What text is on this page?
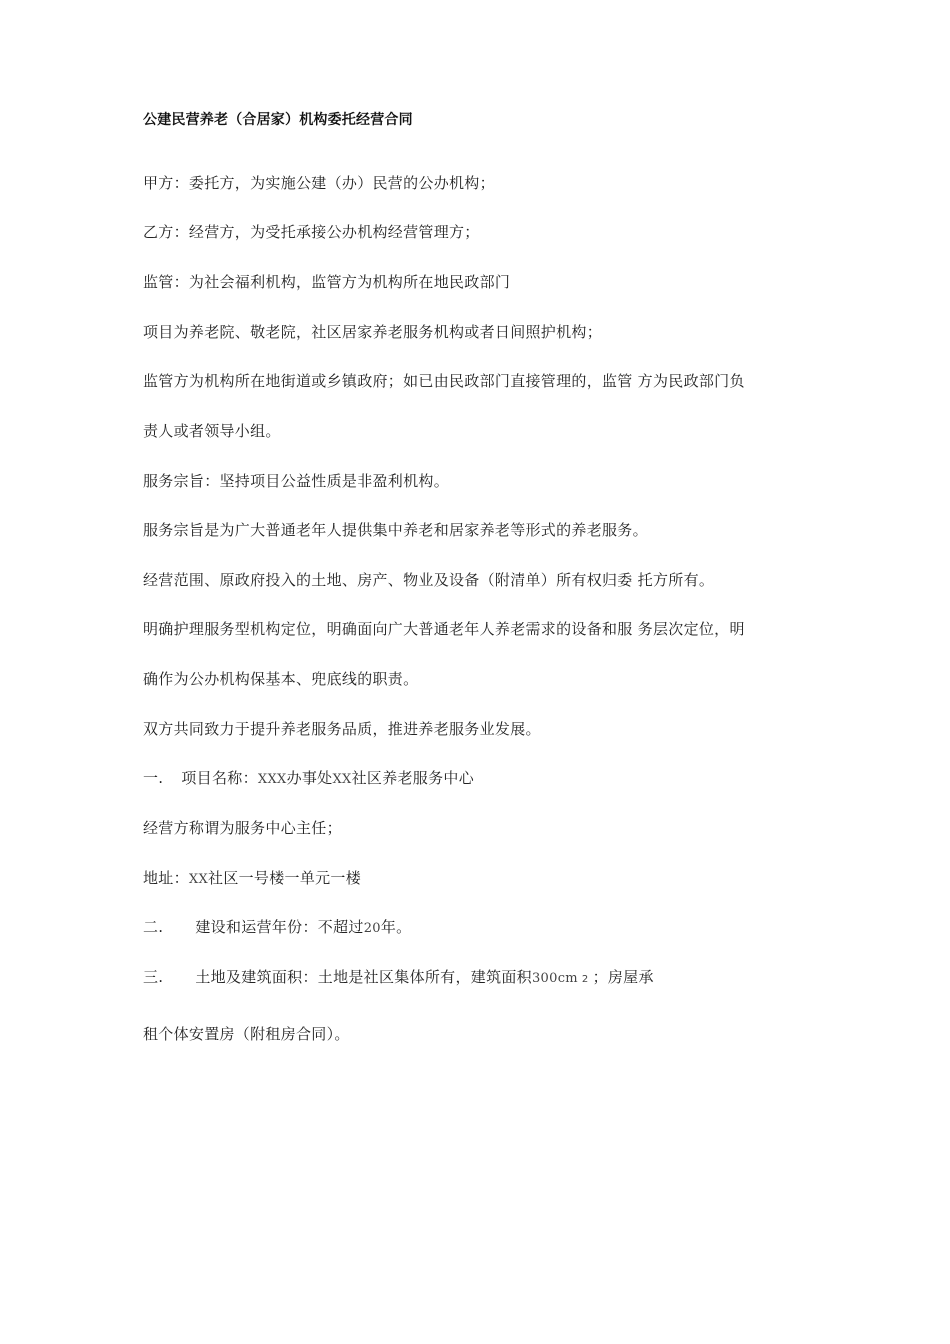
公建民营养老（合居家）机构委托经营合同
甲方：委托方，为实施公建（办）民营的公办机构；
乙方：经营方，为受托承接公办机构经营管理方；
监管：为社会福利机构，监管方为机构所在地民政部门
项目为养老院、敬老院，社区居家养老服务机构或者日间照护机构；
监管方为机构所在地街道或乡镇政府；如已由民政部门直接管理的，监管 方为民政部门负
责人或者领导小组。
服务宗旨：坚持项目公益性质是非盈利机构。
服务宗旨是为广大普通老年人提供集中养老和居家养老等形式的养老服务。
经营范围、原政府投入的土地、房产、物业及设备（附清单）所有权归委 托方所有。
明确护理服务型机构定位，明确面向广大普通老年人养老需求的设备和服 务层次定位，明
确作为公办机构保基本、兜底线的职责。
双方共同致力于提升养老服务品质，推进养老服务业发展。
一. 项目名称：XXX办事处XX社区养老服务中心
经营方称谓为服务中心主任；
地址：XX社区一号楼一单元一楼
二. 建设和运营年份：不超过20年。
三. 土地及建筑面积：土地是社区集体所有，建筑面积300cm 2 ；房屋承
租个体安置房（附租房合同）。
